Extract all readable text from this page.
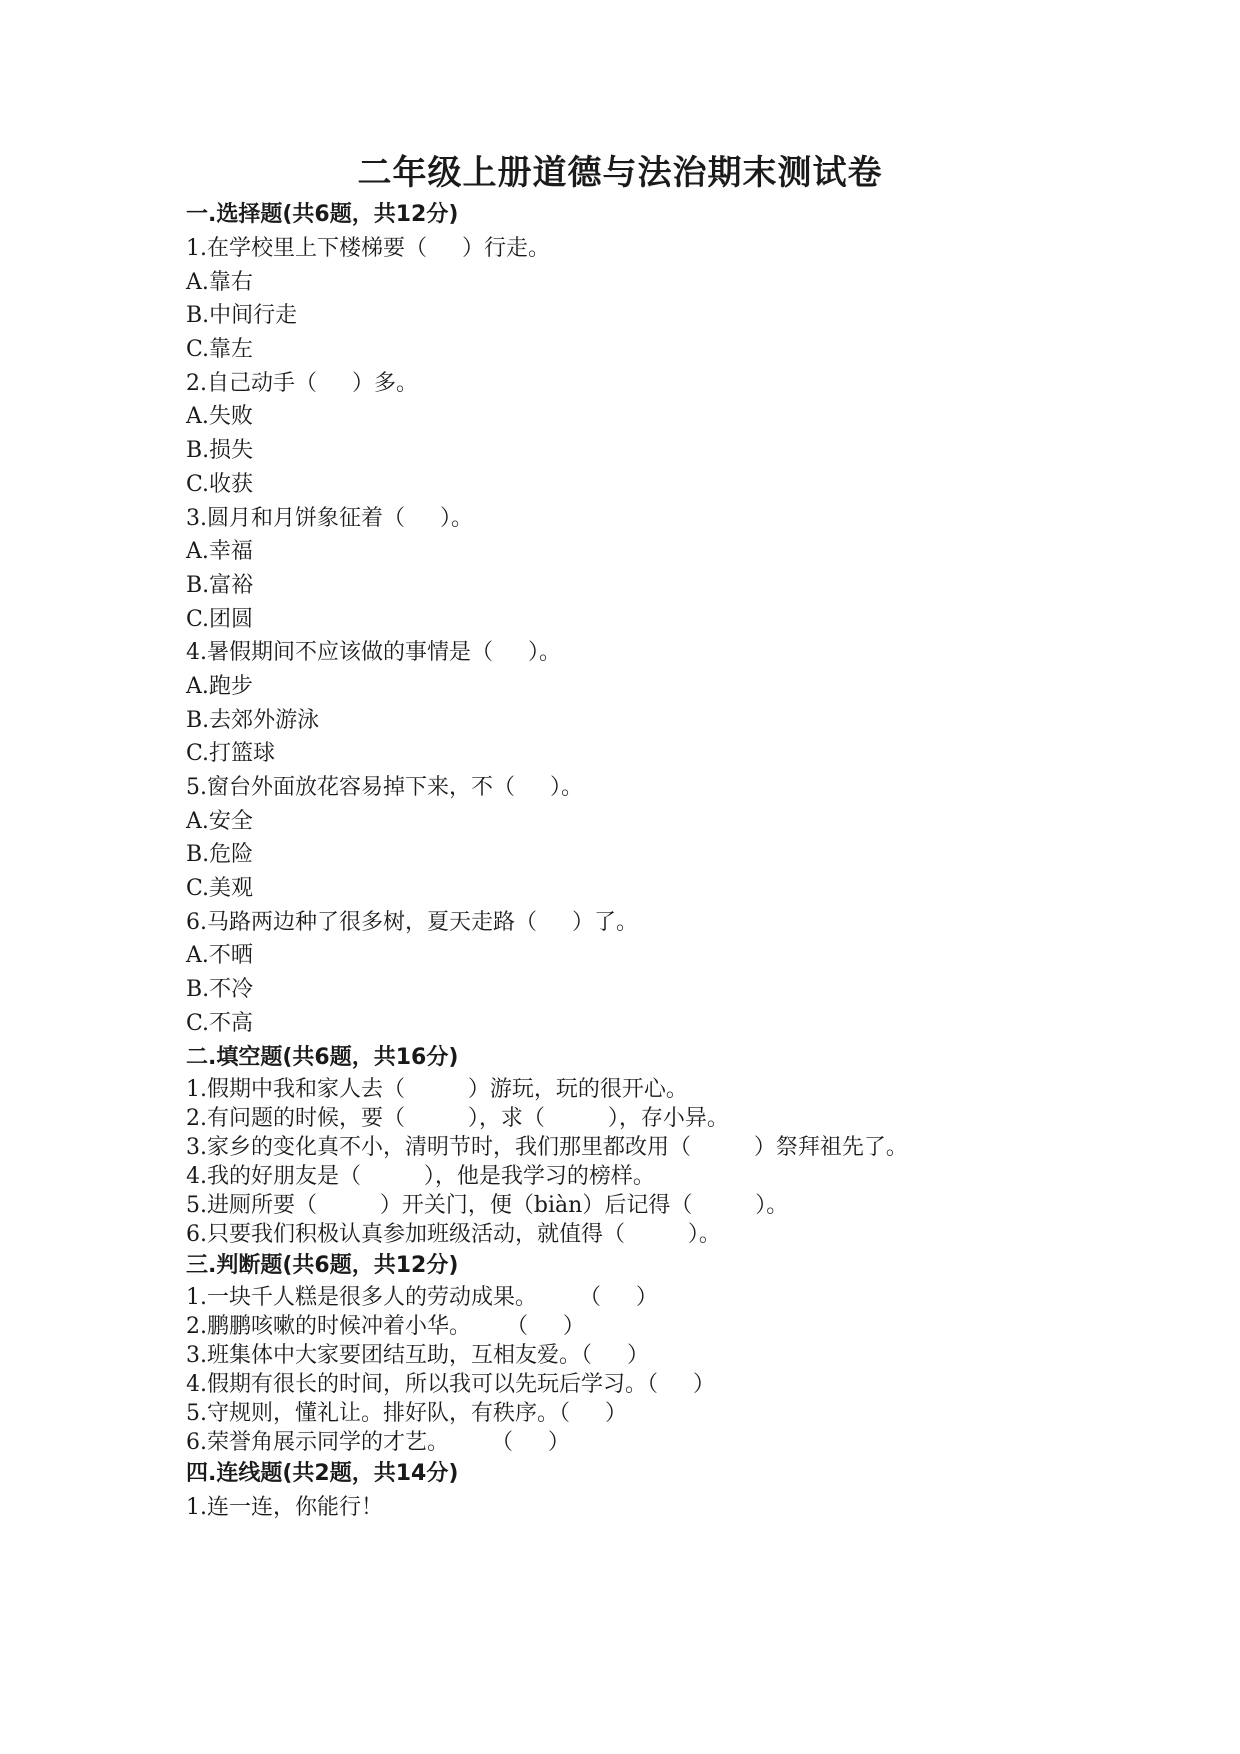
二年级上册道德与法治期末测试卷
一.选择题(共6题，共12分)
1.在学校里上下楼梯要（     ）行走。
A.靠右
B.中间行走
C.靠左
2.自己动手（     ）多。
A.失败
B.损失
C.收获
3.圆月和月饼象征着（     ）。
A.幸福
B.富裕
C.团圆
4.暑假期间不应该做的事情是（     ）。
A.跑步
B.去郊外游泳
C.打篮球
5.窗台外面放花容易掉下来，不（     ）。
A.安全
B.危险
C.美观
6.马路两边种了很多树，夏天走路（     ）了。
A.不晒
B.不冷
C.不高
二.填空题(共6题，共16分)
1.假期中我和家人去（         ）游玩，玩的很开心。
2.有问题的时候，要（         ），求（         ），存小异。
3.家乡的变化真不小，清明节时，我们那里都改用（         ）祭拜祖先了。
4.我的好朋友是（         ），他是我学习的榜样。
5.进厕所要（         ）开关门，便（biàn）后记得（         ）。
6.只要我们积极认真参加班级活动，就值得（         ）。
三.判断题(共6题，共12分)
1.一块千人糕是很多人的劳动成果。      （     ）
2.鹏鹏咳嗽的时候冲着小华。     （     ）
3.班集体中大家要团结互助，互相友爱。（     ）
4.假期有很长的时间，所以我可以先玩后学习。（     ）
5.守规则，懂礼让。排好队，有秩序。（     ）
6.荣誉角展示同学的才艺。      （     ）
四.连线题(共2题，共14分)
1.连一连，你能行！
